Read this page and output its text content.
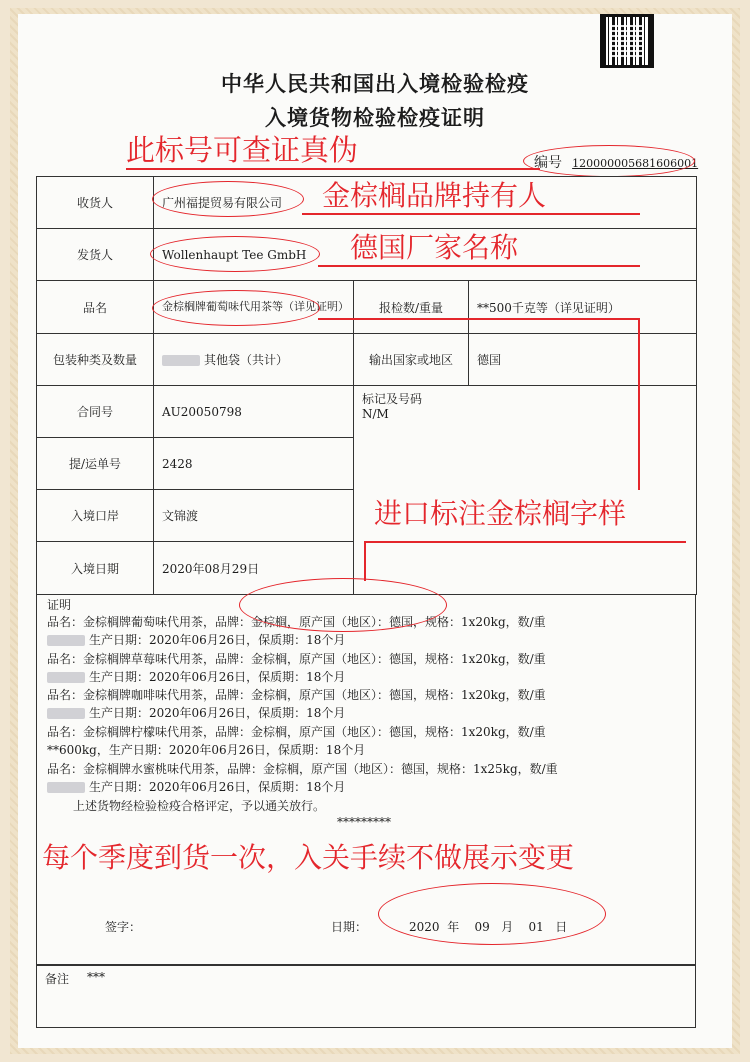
中华人民共和国出入境检验检疫
入境货物检验检疫证明
此标号可查证真伪	编号 120000005681606001
收货人	广州福提贸易有限公司		
发货人	Wollenhaupt Tee GmbH		
品名	金棕榈牌葡萄味代用茶等（详见证明）	报检数/重量	**500千克等（详见证明）
包装种类及数量	其他袋（共计）	输出国家或地区	德国
合同号	AU20050798	标记及号码
N/M	

提/运单号	2428		
入境口岸	文锦渡		
入境日期	2020年08月29日		
证明
品名：金棕榈牌葡萄味代用茶，品牌：金棕榈，原产国（地区）：德国，规格：1x20kg，数/重
生产日期：2020年06月26日，保质期：18个月
品名：金棕榈牌草莓味代用茶，品牌：金棕榈，原产国（地区）：德国，规格：1x20kg，数/重
生产日期：2020年06月26日，保质期：18个月
品名：金棕榈牌咖啡味代用茶，品牌：金棕榈，原产国（地区）：德国，规格：1x20kg，数/重
生产日期：2020年06月26日，保质期：18个月
品名：金棕榈牌柠檬味代用茶，品牌：金棕榈，原产国（地区）：德国，规格：1x20kg，数/重
**600kg，生产日期：2020年06月26日，保质期：18个月
品名：金棕榈牌水蜜桃味代用茶，品牌：金棕榈，原产国（地区）：德国，规格：1x25kg，数/重
生产日期：2020年06月26日，保质期：18个月
上述货物经检验检疫合格评定，予以通关放行。
*********
签字：	日期：	2020 年 09 月 01 日
备注 ***
金棕榈品牌持有人
德国厂家名称
进口标注金棕榈字样
每个季度到货一次，入关手续不做展示变更
